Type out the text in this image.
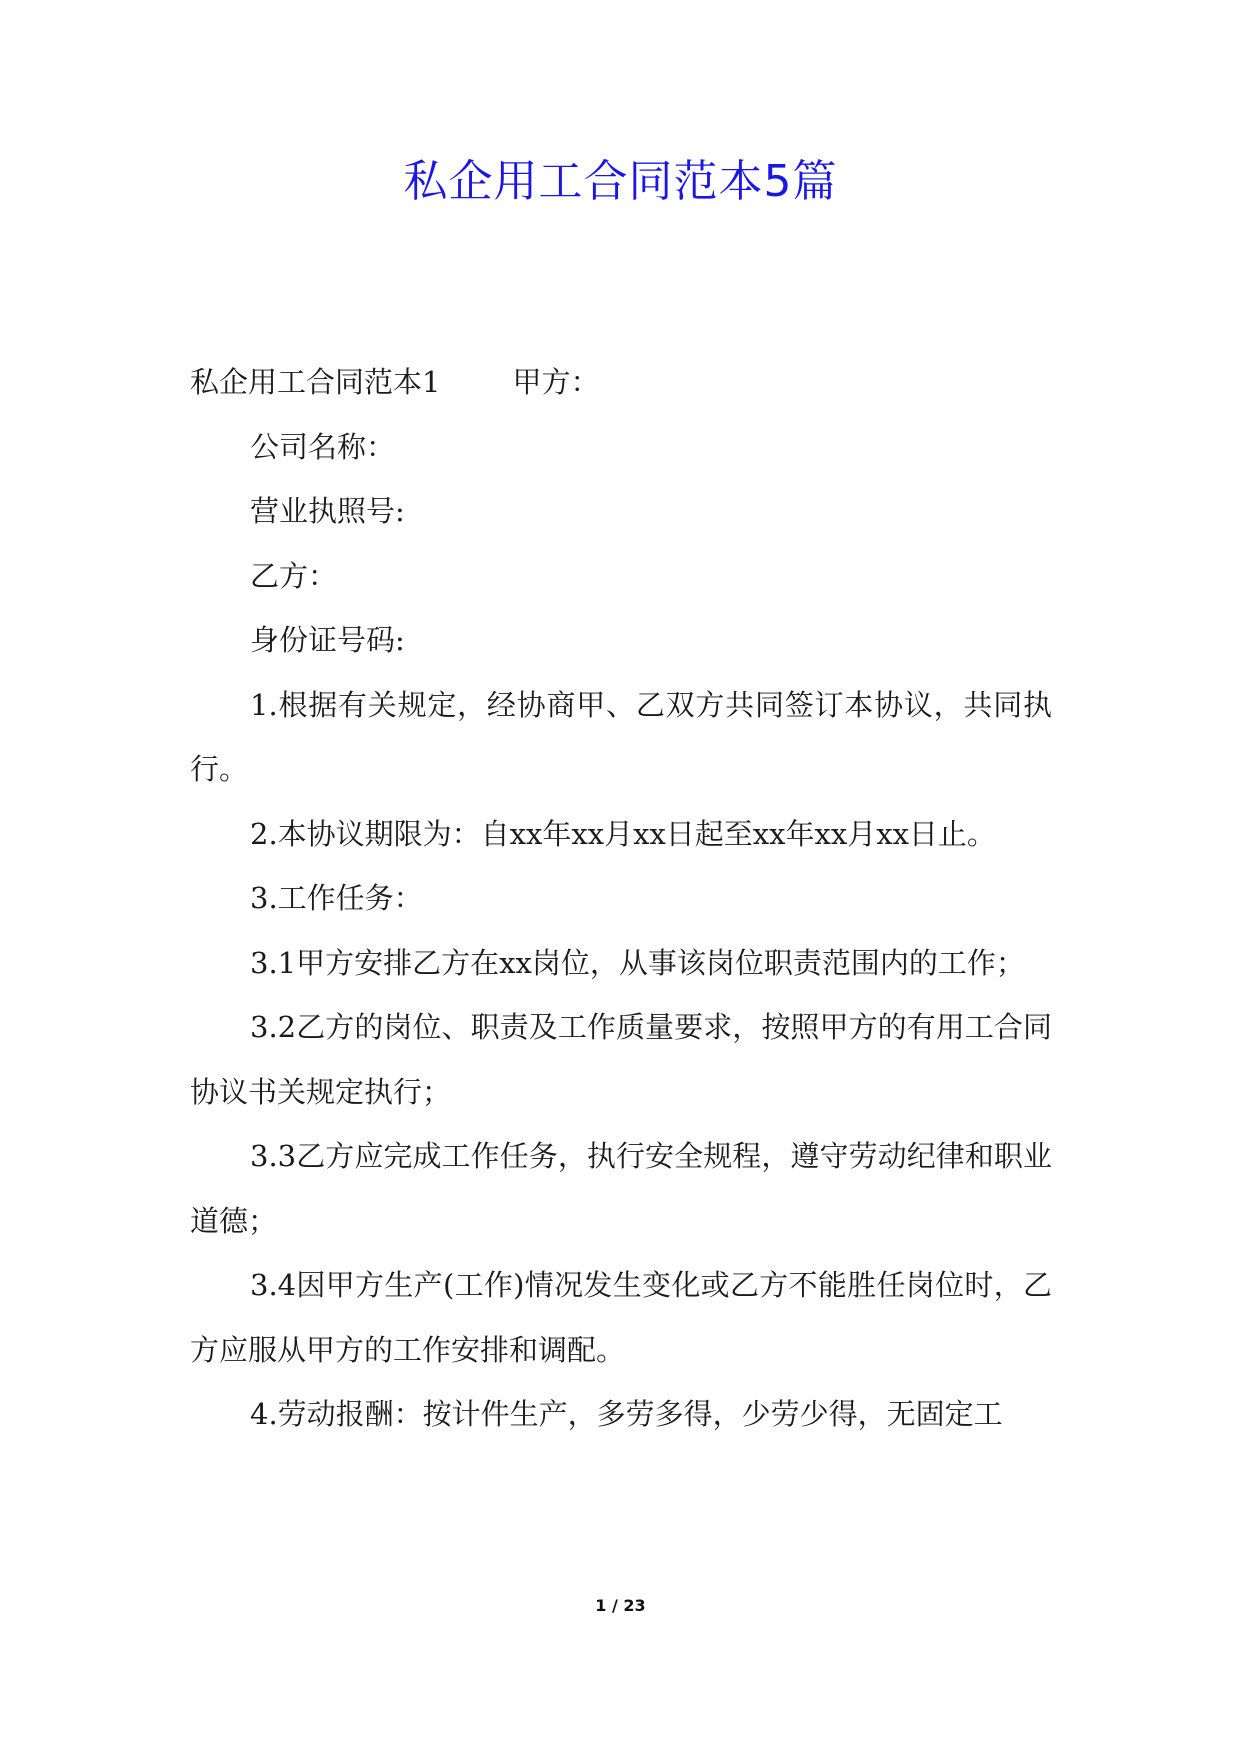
私企用工合同范本5篇

私企用工合同范本1 甲方：

公司名称：

营业执照号:

乙方：

身份证号码:

1.根据有关规定，经协商甲、乙双方共同签订本协议，共同执行。

2.本协议期限为：自xx年xx月xx日起至xx年xx月xx日止。

3.工作任务：

3.1甲方安排乙方在xx岗位，从事该岗位职责范围内的工作；

3.2乙方的岗位、职责及工作质量要求，按照甲方的有用工合同协议书关规定执行；

3.3乙方应完成工作任务，执行安全规程，遵守劳动纪律和职业道德；

3.4因甲方生产(工作)情况发生变化或乙方不能胜任岗位时，乙方应服从甲方的工作安排和调配。

4.劳动报酬：按计件生产，多劳多得，少劳少得，无固定工

1 / 23
